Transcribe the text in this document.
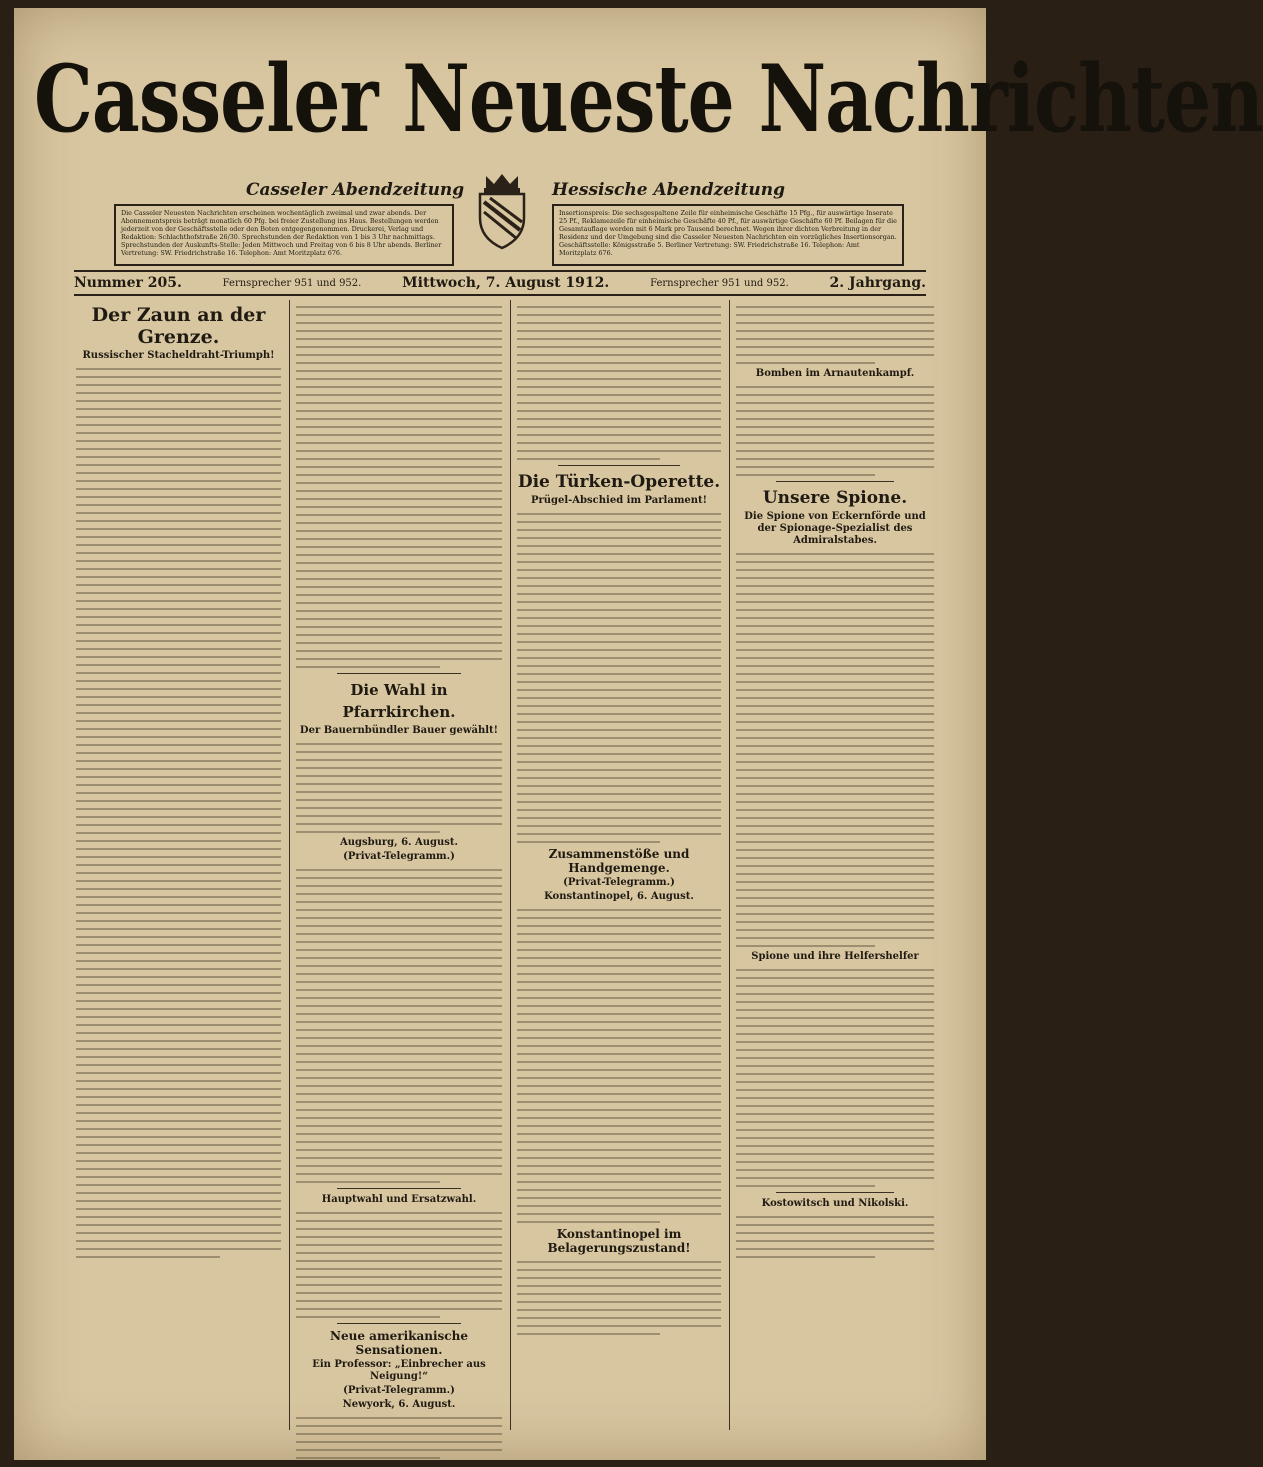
Casseler Neueste Nachrichten
Casseler Abendzeitung	Hessische Abendzeitung
Die Casseler Neuesten Nachrichten erscheinen wochentäglich zweimal und zwar abends. Der Abonnementspreis beträgt monatlich 60 Pfg. bei freier Zustellung ins Haus. Bestellungen werden jederzeit von der Geschäftsstelle oder den Boten entgegengenommen. Druckerei, Verlag und Redaktion: Schlachthofstraße 26/30. Sprechstunden der Redaktion von 1 bis 3 Uhr nachmittags. Sprechstunden der Auskunfts-Stelle: Jeden Mittwoch und Freitag von 6 bis 8 Uhr abends. Berliner Vertretung: SW. Friedrichstraße 16. Telephon: Amt Moritzplatz 676.
Insertionspreis: Die sechsgespaltene Zeile für einheimische Geschäfte 15 Pfg., für auswärtige Inserate 25 Pf., Reklamezeile für einheimische Geschäfte 40 Pf., für auswärtige Geschäfte 60 Pf. Beilagen für die Gesamtauflage werden mit 6 Mark pro Tausend berechnet. Wegen ihrer dichten Verbreitung in der Residenz und der Umgebung sind die Casseler Neuesten Nachrichten ein vorzügliches Insertionsorgan. Geschäftsstelle: Königsstraße 5. Berliner Vertretung: SW. Friedrichstraße 16. Telephon: Amt Moritzplatz 676.
Nummer 205.	Fernsprecher 951 und 952.	Mittwoch, 7. August 1912.	Fernsprecher 951 und 952.	2. Jahrgang.
Der Zaun an der Grenze.
Russischer Stacheldraht-Triumph!
Die Wahl in Pfarrkirchen.
Der Bauernbündler Bauer gewählt!
Augsburg, 6. August.
(Privat-Telegramm.)
Hauptwahl und Ersatzwahl.
Neue amerikanische Sensationen.
Ein Professor: „Einbrecher aus Neigung!“
(Privat-Telegramm.)
Newyork, 6. August.
Die Türken-Operette.
Prügel-Abschied im Parlament!
Zusammenstöße und Handgemenge.
(Privat-Telegramm.)
Konstantinopel, 6. August.
Konstantinopel im Belagerungszustand!
Bomben im Arnautenkampf.
Unsere Spione.
Die Spione von Eckernförde und der Spionage-Spezialist des Admiralstabes.
Spione und ihre Helfershelfer
Kostowitsch und Nikolski.
